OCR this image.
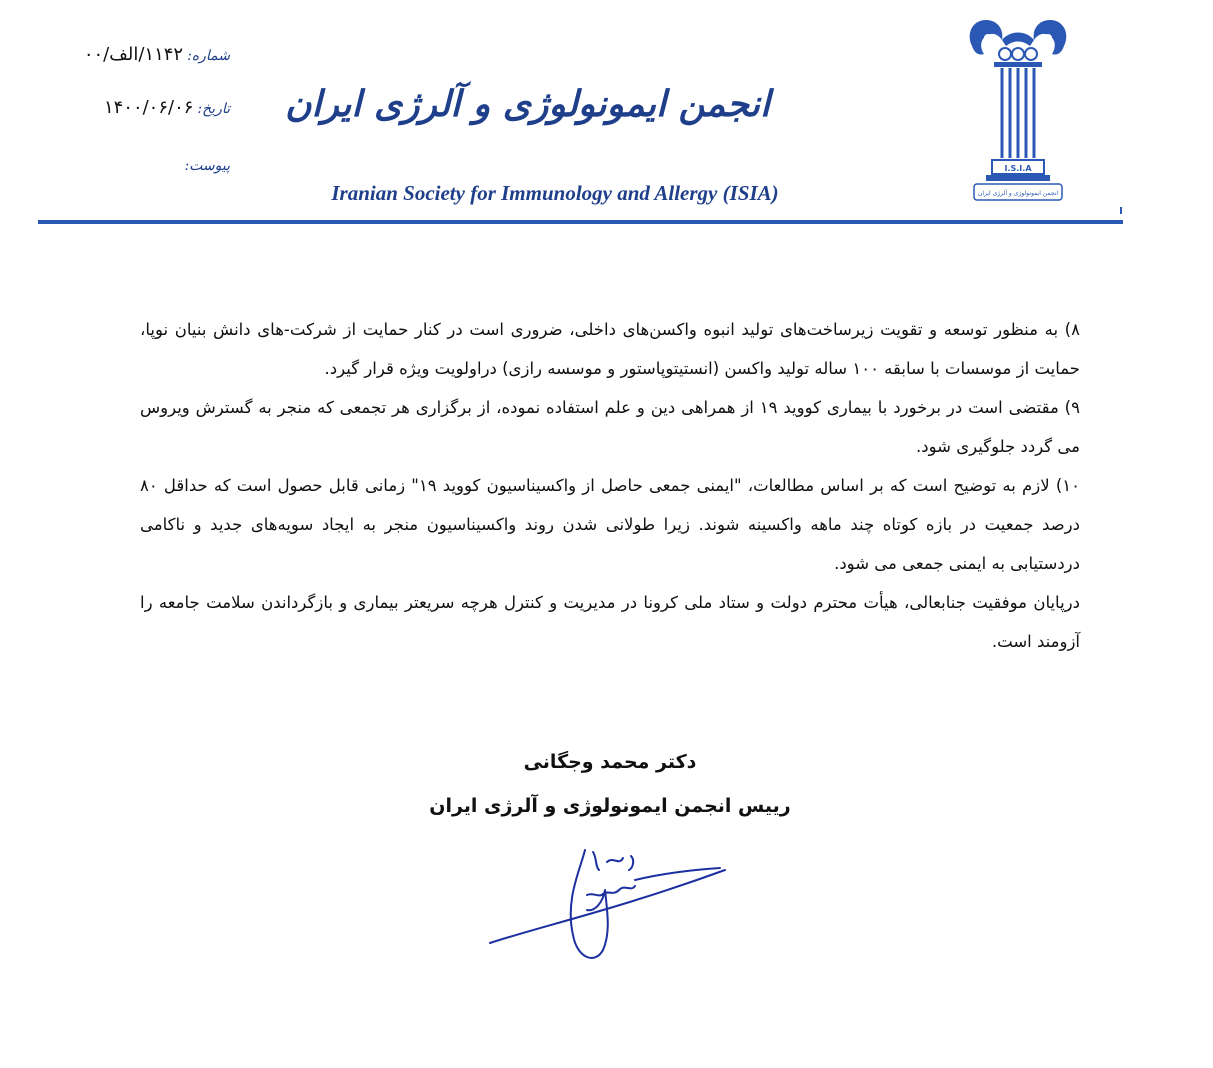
شماره:
۱۱۴۲/الف/۰۰
تاریخ:
۱۴۰۰/۰۶/۰۶
پیوست:
انجمن ایمونولوژی و آلرژی ایران
Iranian Society for Immunology and Allergy (ISIA)
I.S.I.A
انجمن ایمونولوژی و آلرژی ایران

۸) به منظور توسعه و تقویت زیرساخت‌های تولید انبوه واکسن‌های داخلی، ضروری است در کنار حمایت از شرکت-های دانش بنیان نوپا، حمایت از موسسات با سابقه ۱۰۰ ساله تولید واکسن (انستیتوپاستور و موسسه رازی) دراولویت ویژه قرار گیرد.

۹) مقتضی است در برخورد با بیماری کووید ۱۹ از همراهی دین و علم استفاده نموده، از برگزاری هر تجمعی که منجر به گسترش ویروس می گردد جلوگیری شود.

۱۰) لازم به توضیح است که بر اساس مطالعات، "ایمنی جمعی حاصل از واکسیناسیون کووید ۱۹" زمانی قابل حصول است که حداقل ۸۰ درصد جمعیت در بازه کوتاه چند ماهه واکسینه شوند. زیرا طولانی شدن روند واکسیناسیون منجر به ایجاد سویه‌های جدید و ناکامی دردستیابی به ایمنی جمعی می شود.

درپایان موفقیت جنابعالی، هیأت محترم دولت و ستاد ملی کرونا در مدیریت و کنترل هرچه سریعتر بیماری و بازگرداندن سلامت جامعه را آزومند است.

دکتر محمد وجگانی
رییس انجمن ایمونولوژی و آلرژی ایران
